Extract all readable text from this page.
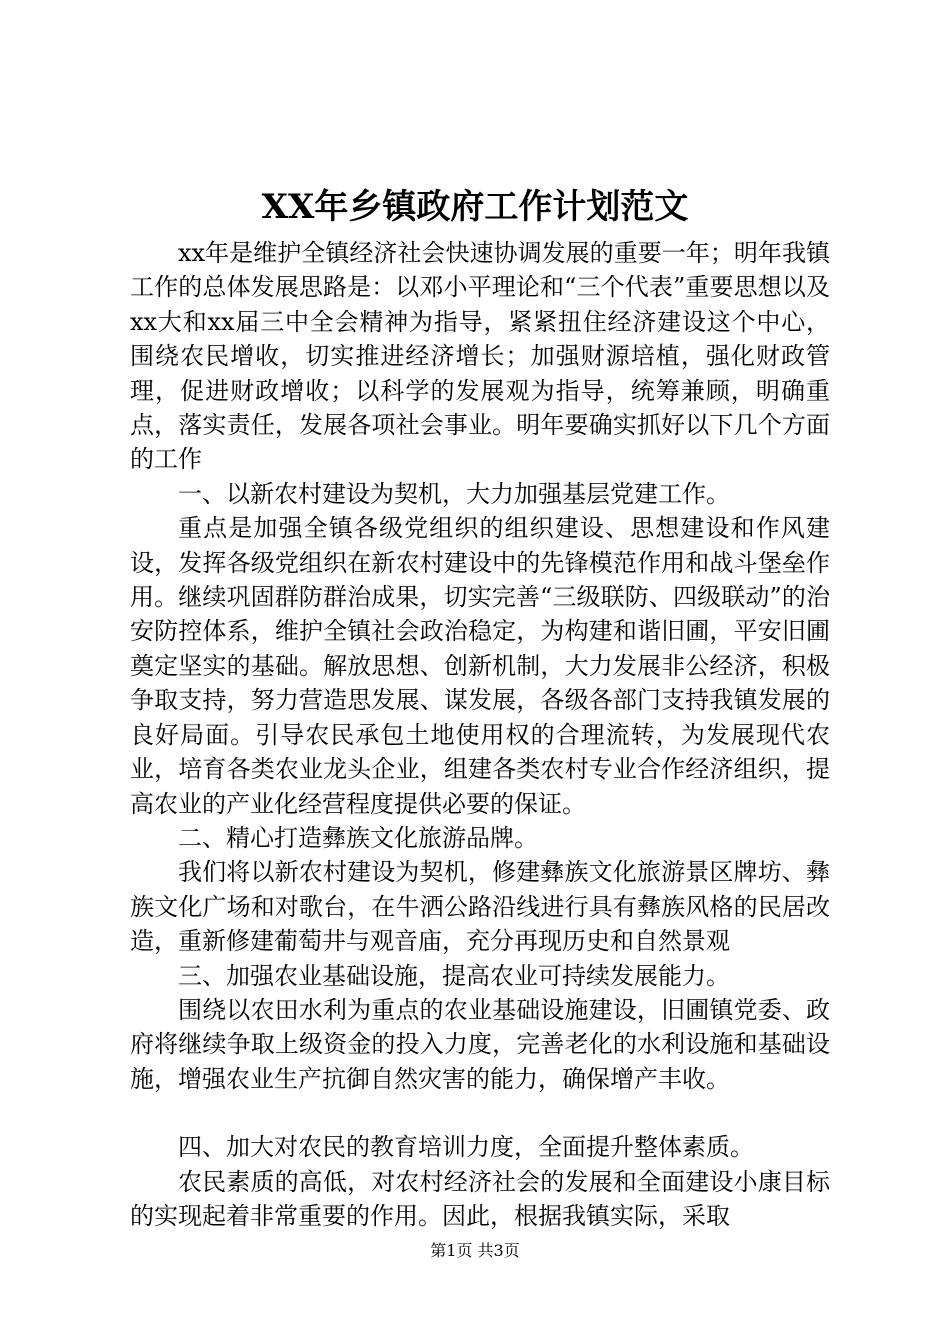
XX年乡镇政府工作计划范文

xx年是维护全镇经济社会快速协调发展的重要一年；明年我镇工作的总体发展思路是：以邓小平理论和“三个代表”重要思想以及xx大和xx届三中全会精神为指导，紧紧扭住经济建设这个中心，围绕农民增收，切实推进经济增长；加强财源培植，强化财政管理，促进财政增收；以科学的发展观为指导，统筹兼顾，明确重点，落实责任，发展各项社会事业。明年要确实抓好以下几个方面的工作

一、以新农村建设为契机，大力加强基层党建工作。

重点是加强全镇各级党组织的组织建设、思想建设和作风建设，发挥各级党组织在新农村建设中的先锋模范作用和战斗堡垒作用。继续巩固群防群治成果，切实完善“三级联防、四级联动”的治安防控体系，维护全镇社会政治稳定，为构建和谐旧圃，平安旧圃奠定坚实的基础。解放思想、创新机制，大力发展非公经济，积极争取支持，努力营造思发展、谋发展，各级各部门支持我镇发展的良好局面。引导农民承包土地使用权的合理流转，为发展现代农业，培育各类农业龙头企业，组建各类农村专业合作经济组织，提高农业的产业化经营程度提供必要的保证。

二、精心打造彝族文化旅游品牌。

我们将以新农村建设为契机，修建彝族文化旅游景区牌坊、彝族文化广场和对歌台，在牛洒公路沿线进行具有彝族风格的民居改造，重新修建葡萄井与观音庙，充分再现历史和自然景观

三、加强农业基础设施，提高农业可持续发展能力。

围绕以农田水利为重点的农业基础设施建设，旧圃镇党委、政府将继续争取上级资金的投入力度，完善老化的水利设施和基础设施，增强农业生产抗御自然灾害的能力，确保增产丰收。

四、加大对农民的教育培训力度，全面提升整体素质。

农民素质的高低，对农村经济社会的发展和全面建设小康目标的实现起着非常重要的作用。因此，根据我镇实际，采取

第1页 共3页
